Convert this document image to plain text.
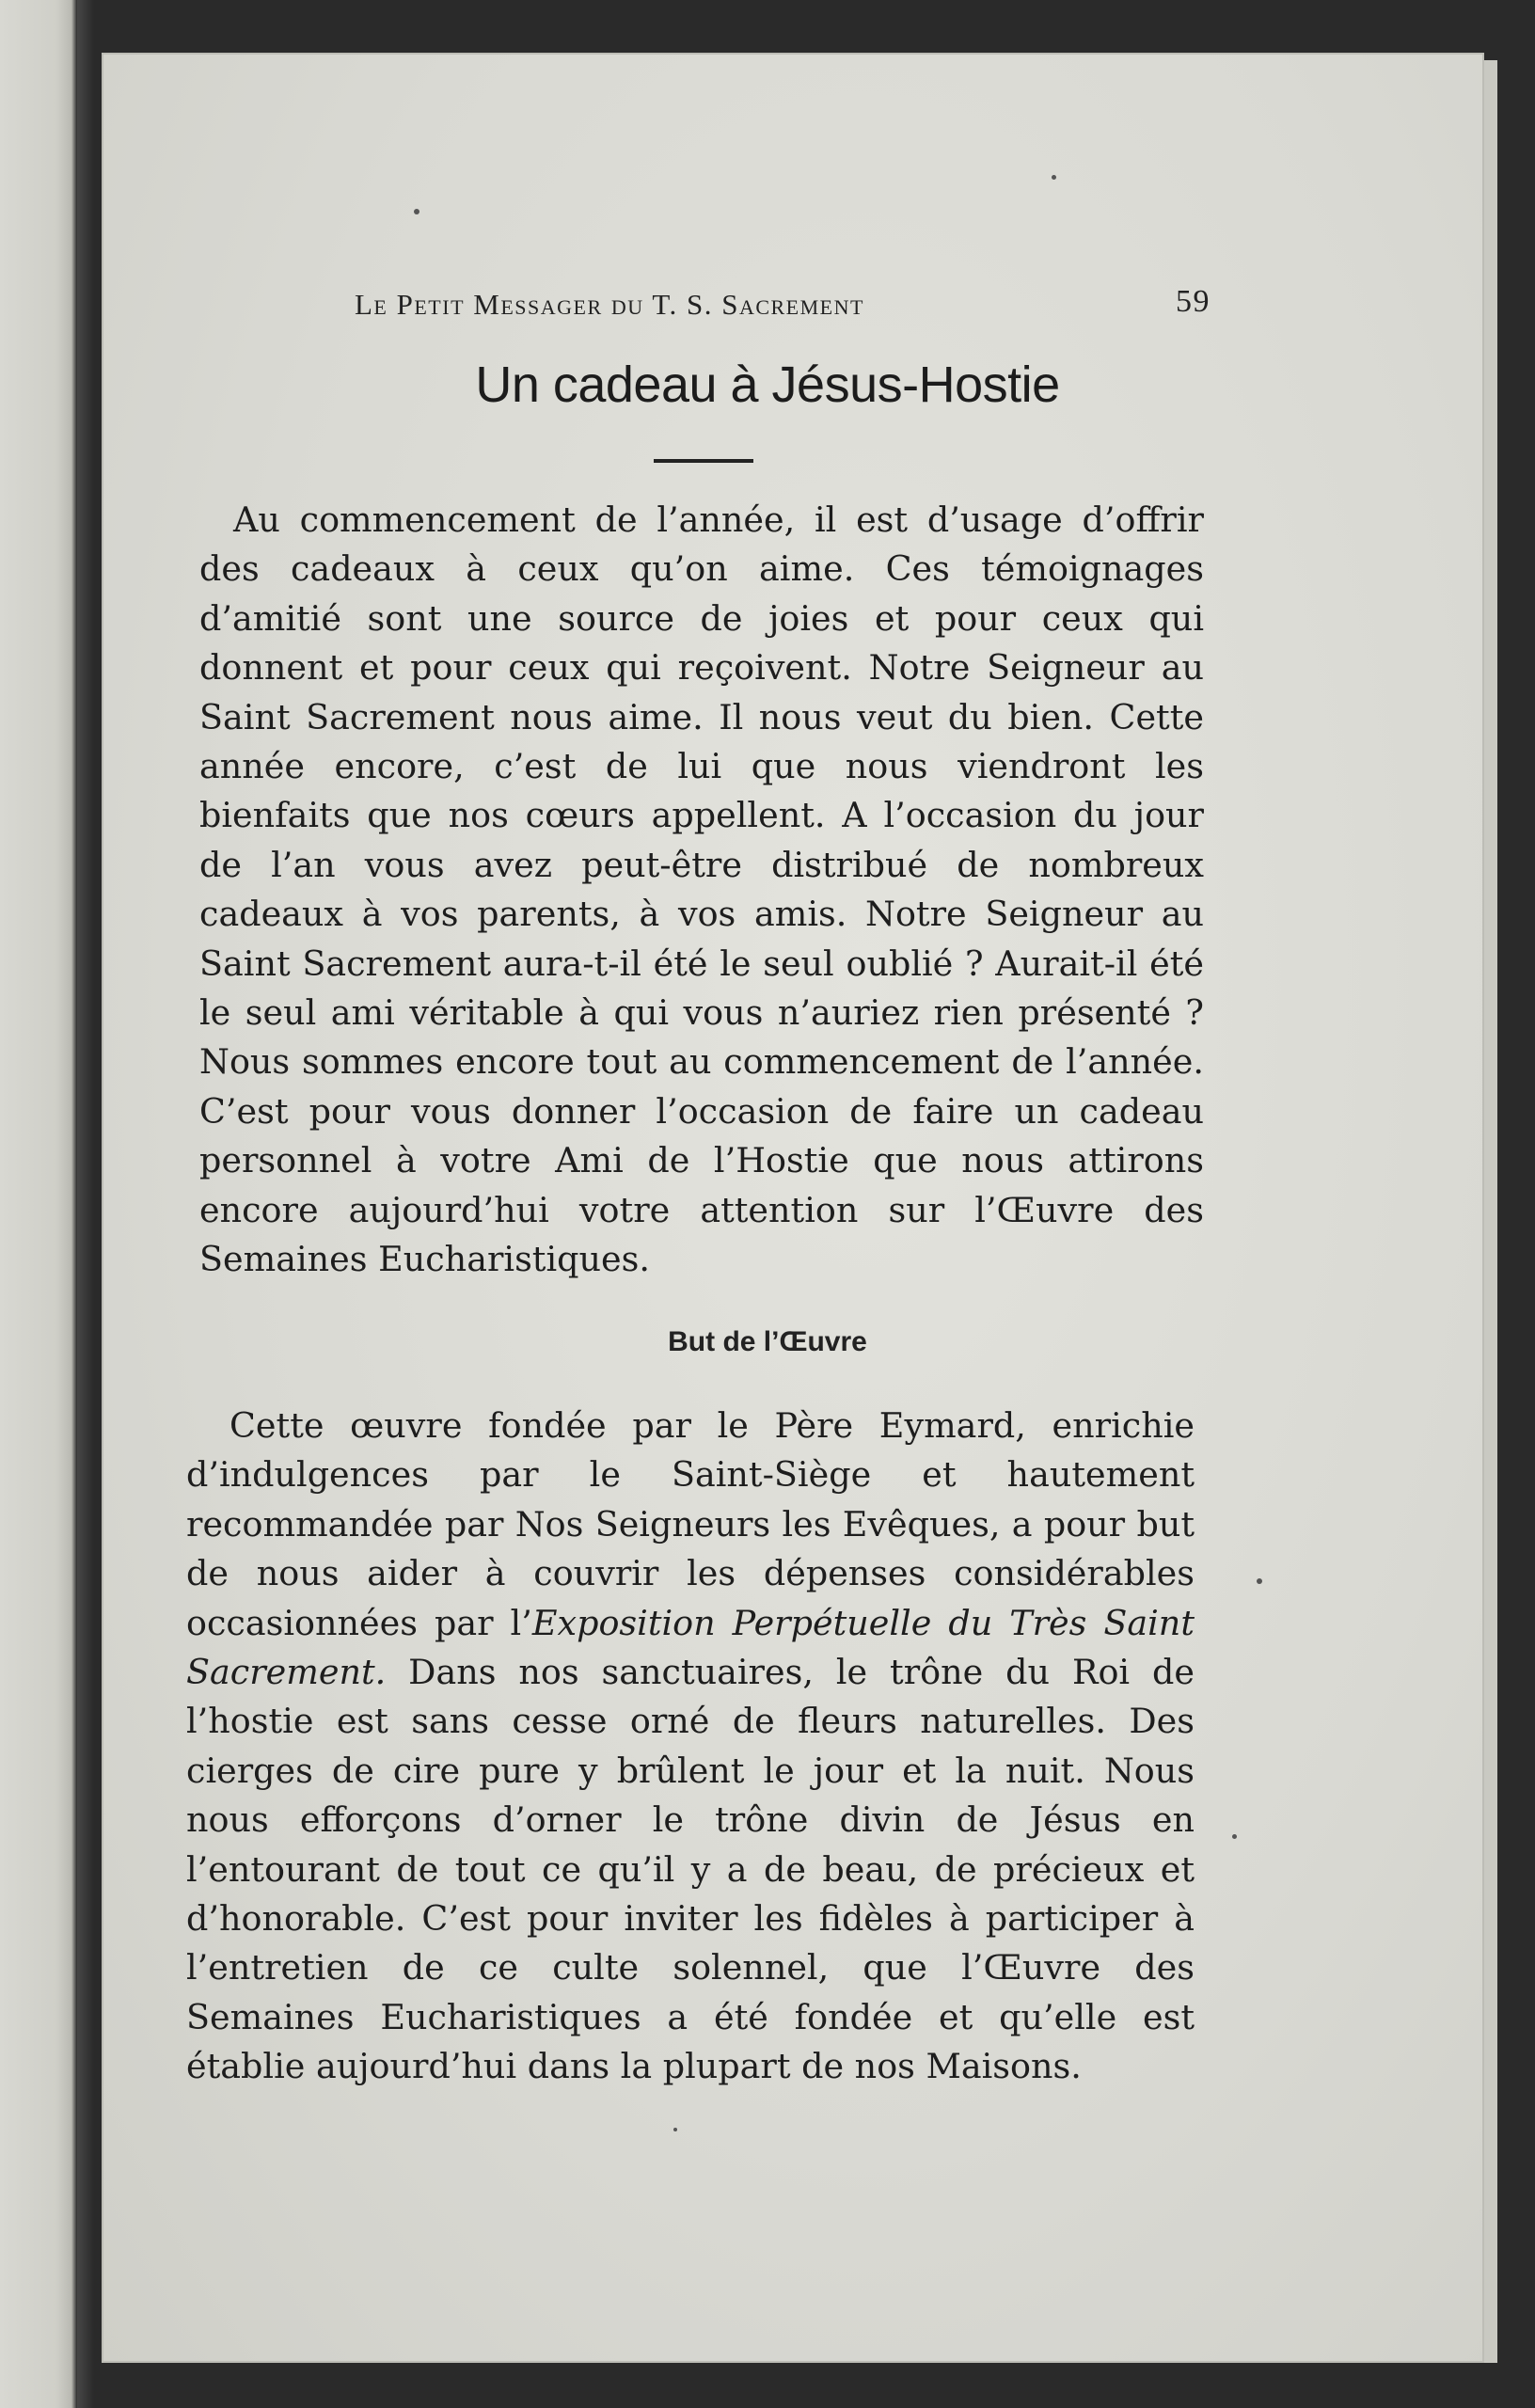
Le Petit Messager du T. S. Sacrement	59
Un cadeau à Jésus-Hostie

Au commencement de l’année, il est d’usage d’offrir des cadeaux à ceux qu’on aime. Ces témoignages d’amitié sont une source de joies et pour ceux qui donnent et pour ceux qui reçoivent. Notre Seigneur au Saint Sacrement nous aime. Il nous veut du bien. Cette année encore, c’est de lui que nous viendront les bienfaits que nos cœurs appellent. A l’occasion du jour de l’an vous avez peut-être distribué de nombreux cadeaux à vos parents, à vos amis. Notre Seigneur au Saint Sacrement aura-t-il été le seul oublié ? Aurait-il été le seul ami véritable à qui vous n’auriez rien présenté ? Nous sommes encore tout au commencement de l’année. C’est pour vous donner l’occasion de faire un cadeau personnel à votre Ami de l’Hostie que nous attirons encore aujourd’hui votre attention sur l’Œuvre des Semaines Eucharistiques.

But de l’Œuvre

Cette œuvre fondée par le Père Eymard, enrichie d’indulgences par le Saint-Siège et hautement recommandée par Nos Seigneurs les Evêques, a pour but de nous aider à couvrir les dépenses considérables occasionnées par l’Exposition Perpétuelle du Très Saint Sacrement. Dans nos sanctuaires, le trône du Roi de l’hostie est sans cesse orné de fleurs naturelles. Des cierges de cire pure y brûlent le jour et la nuit. Nous nous efforçons d’orner le trône divin de Jésus en l’entourant de tout ce qu’il y a de beau, de précieux et d’honorable. C’est pour inviter les fidèles à participer à l’entretien de ce culte solennel, que l’Œuvre des Semaines Eucharistiques a été fondée et qu’elle est établie aujourd’hui dans la plupart de nos Maisons.
